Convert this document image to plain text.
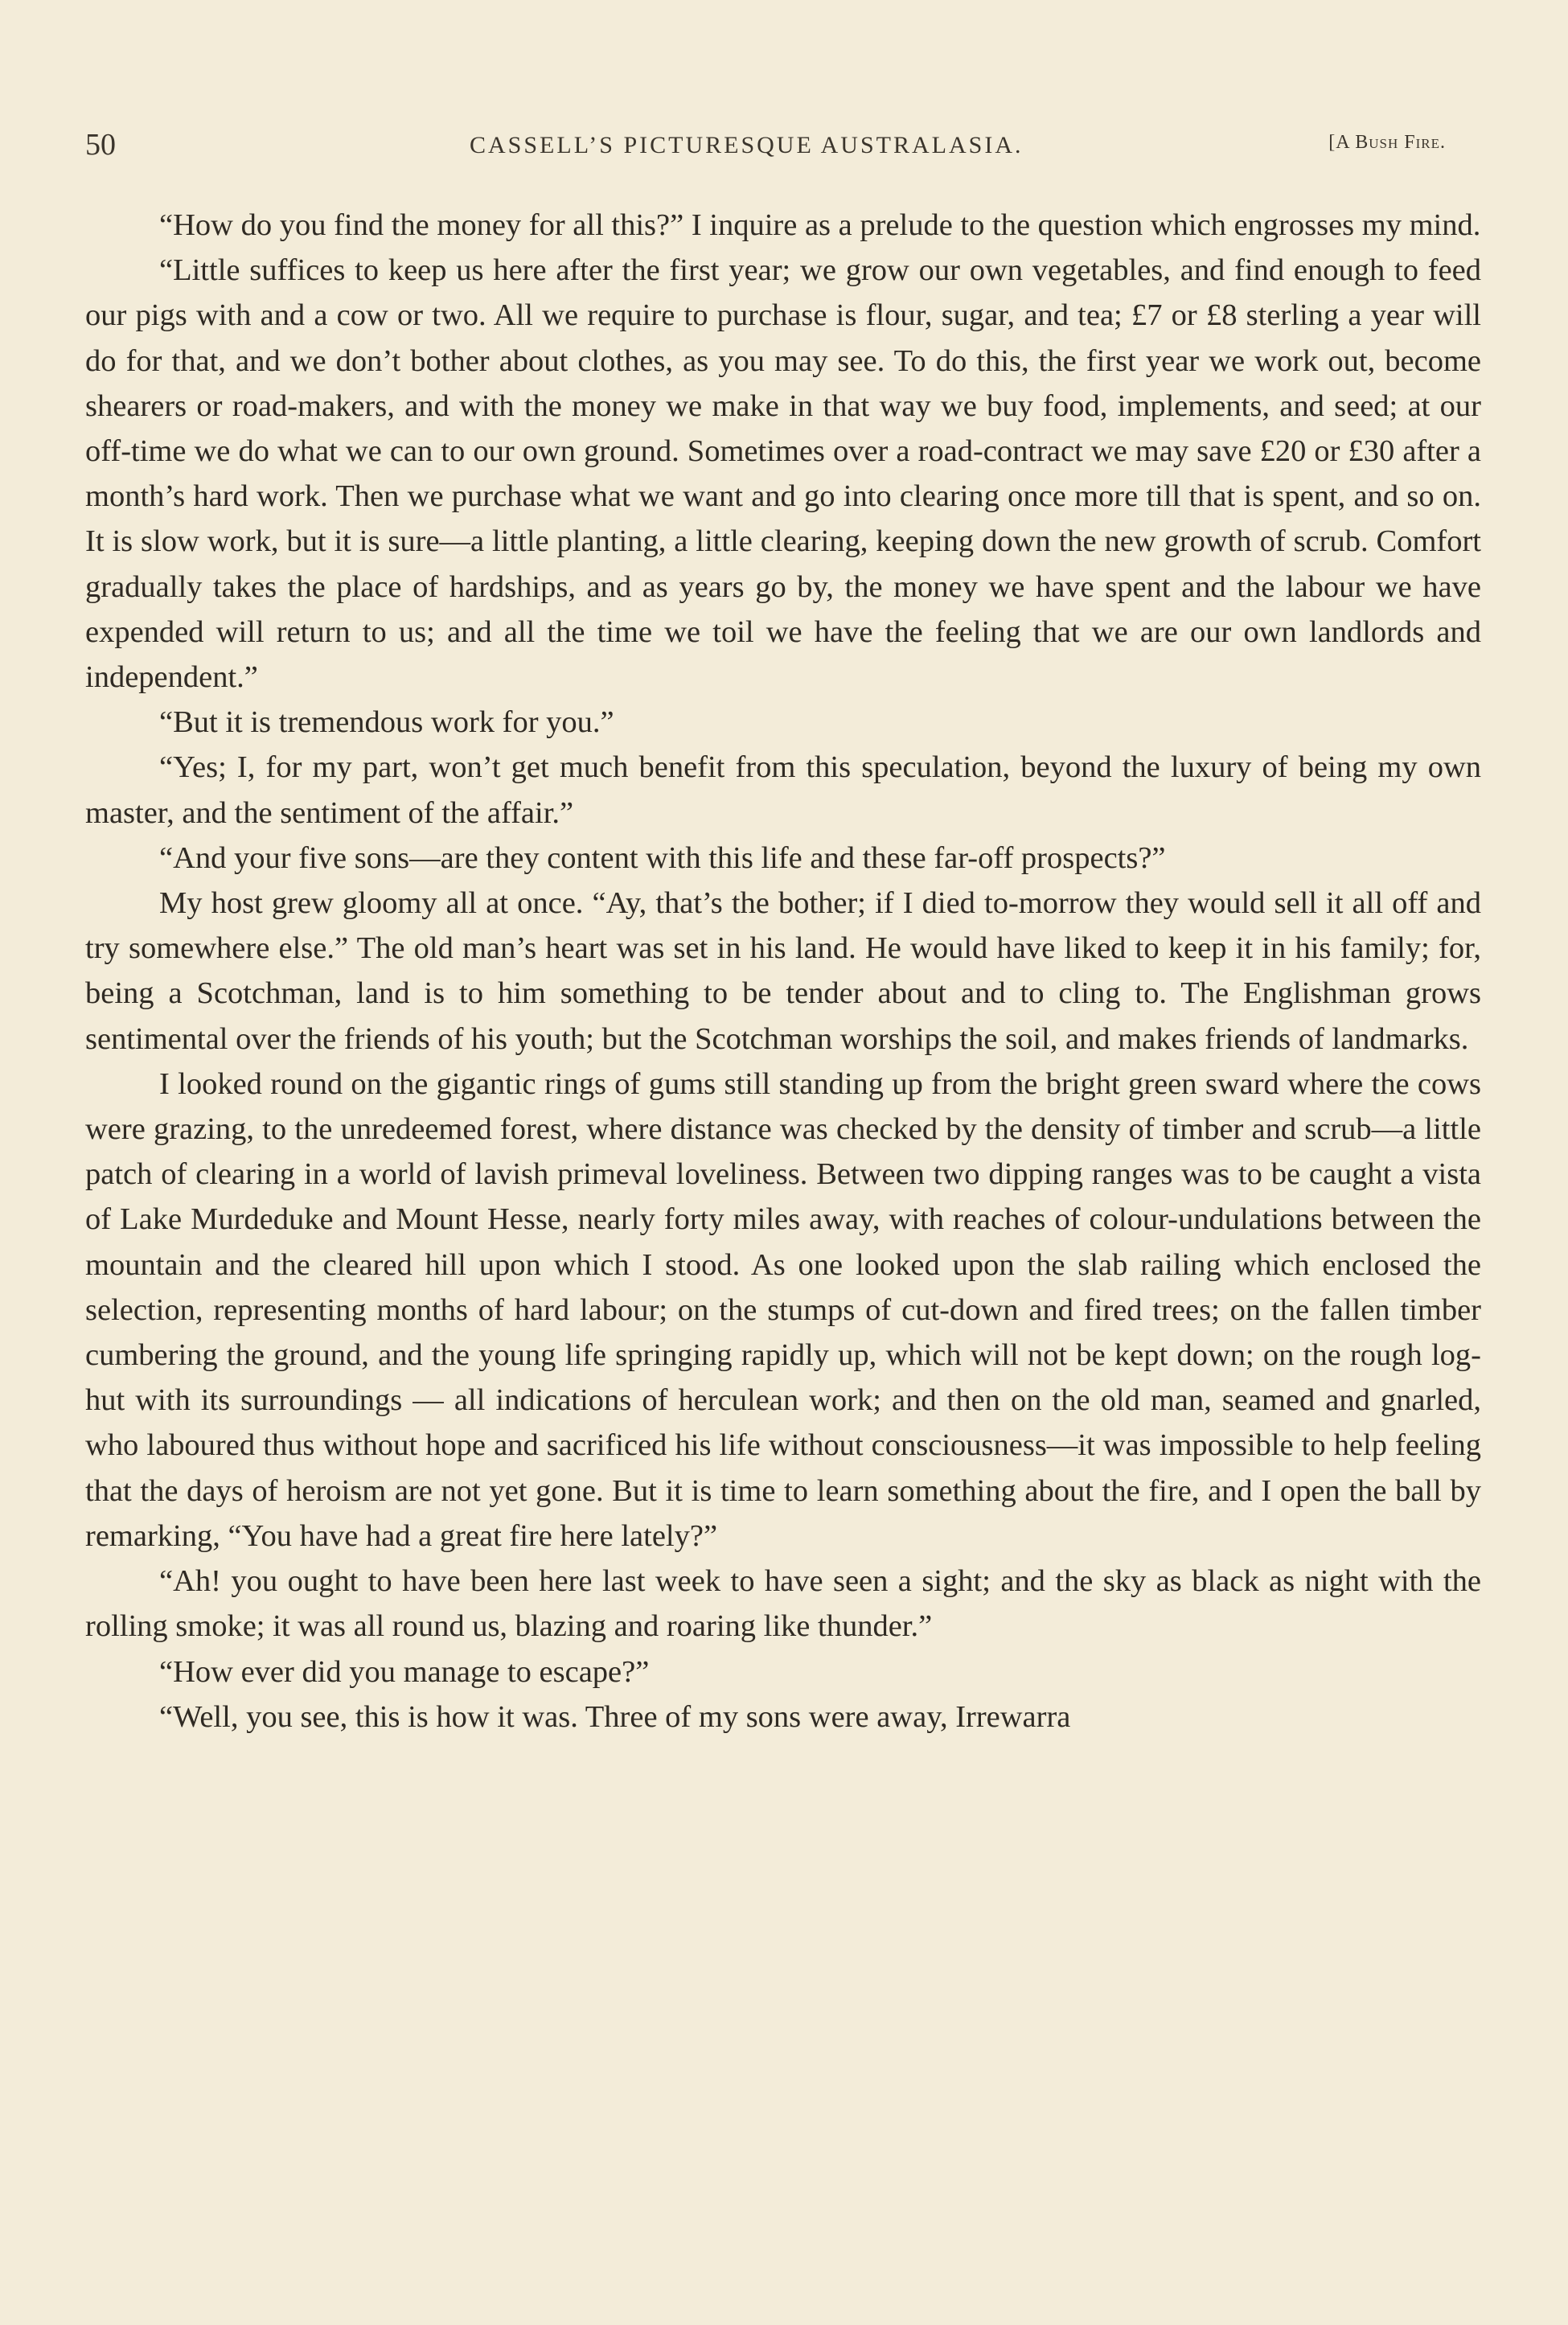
50	CASSELL’S PICTURESQUE AUSTRALASIA.	[A Bush Fire.

“How do you find the money for all this?” I inquire as a prelude to the question which engrosses my mind.

“Little suffices to keep us here after the first year; we grow our own vegetables, and find enough to feed our pigs with and a cow or two. All we require to purchase is flour, sugar, and tea; £7 or £8 sterling a year will do for that, and we don’t bother about clothes, as you may see. To do this, the first year we work out, become shearers or road-makers, and with the money we make in that way we buy food, implements, and seed; at our off-time we do what we can to our own ground. Sometimes over a road-contract we may save £20 or £30 after a month’s hard work. Then we purchase what we want and go into clearing once more till that is spent, and so on. It is slow work, but it is sure—a little planting, a little clearing, keeping down the new growth of scrub. Comfort gradually takes the place of hardships, and as years go by, the money we have spent and the labour we have expended will return to us; and all the time we toil we have the feeling that we are our own landlords and independent.”

“But it is tremendous work for you.”

“Yes; I, for my part, won’t get much benefit from this speculation, beyond the luxury of being my own master, and the sentiment of the affair.”

“And your five sons—are they content with this life and these far-off prospects?”

My host grew gloomy all at once. “Ay, that’s the bother; if I died to-morrow they would sell it all off and try somewhere else.” The old man’s heart was set in his land. He would have liked to keep it in his family; for, being a Scotchman, land is to him something to be tender about and to cling to. The Englishman grows sentimental over the friends of his youth; but the Scotchman worships the soil, and makes friends of landmarks.

I looked round on the gigantic rings of gums still standing up from the bright green sward where the cows were grazing, to the unredeemed forest, where distance was checked by the density of timber and scrub—a little patch of clearing in a world of lavish primeval loveliness. Between two dipping ranges was to be caught a vista of Lake Murdeduke and Mount Hesse, nearly forty miles away, with reaches of colour-undulations between the mountain and the cleared hill upon which I stood. As one looked upon the slab railing which enclosed the selection, representing months of hard labour; on the stumps of cut-down and fired trees; on the fallen timber cumbering the ground, and the young life springing rapidly up, which will not be kept down; on the rough log-hut with its surroundings — all indications of herculean work; and then on the old man, seamed and gnarled, who laboured thus without hope and sacrificed his life without consciousness—it was impossible to help feeling that the days of heroism are not yet gone. But it is time to learn something about the fire, and I open the ball by remarking, “You have had a great fire here lately?”

“Ah! you ought to have been here last week to have seen a sight; and the sky as black as night with the rolling smoke; it was all round us, blazing and roaring like thunder.”

“How ever did you manage to escape?”

“Well, you see, this is how it was. Three of my sons were away, Irrewarra
